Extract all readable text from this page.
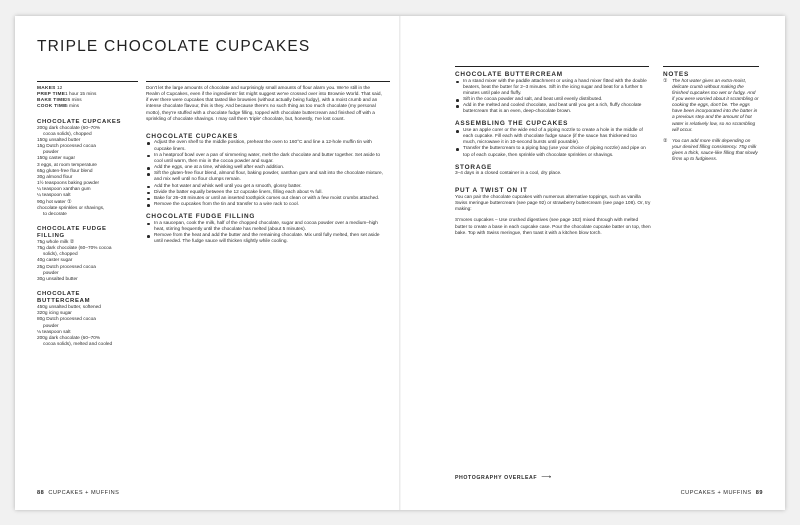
TRIPLE CHOCOLATE CUPCAKES
MAKES 12
PREP TIME1 hour 15 mins
BAKE TIME26 mins
COOK TIME5 mins
CHOCOLATE CUPCAKES
200g dark chocolate (60–70%
cocoa solids), chopped
150g unsalted butter
15g Dutch processed cocoa
powder
150g caster sugar
3 eggs, at room temperature
65g gluten-free flour blend
30g almond flour
1½ teaspoons baking powder
¼ teaspoon xanthan gum
¼ teaspoon salt
90g hot water ①
chocolate sprinkles or shavings,
to decorate
CHOCOLATE FUDGE
FILLING
75g whole milk ②
75g dark chocolate (60–70% cocoa
solids), chopped
40g caster sugar
25g Dutch processed cocoa
powder
30g unsalted butter
CHOCOLATE
BUTTERCREAM
450g unsalted butter, softened
320g icing sugar
80g Dutch processed cocoa
powder
⅛ teaspoon salt
200g dark chocolate (60–70%
cocoa solids), melted and cooled

Don't let the large amounts of chocolate and surprisingly small amounts of flour alarm you. We're still in the Realm of Cupcakes, even if the ingredients' list might suggest we've crossed over into Brownie World. That said, if ever there were cupcakes that tasted like brownies (without actually being fudgy), with a moist crumb and an intense chocolate flavour, this is they. And because there's no such thing as too much chocolate (my personal motto), they're stuffed with a chocolate fudge filling, topped with chocolate buttercream and finished off with a sprinkling of chocolate shavings. I may call them 'triple' chocolate, but, honestly, I've lost count.

CHOCOLATE CUPCAKES
Adjust the oven shelf to the middle position, preheat the oven to 160°C and line a 12-hole muffin tin with cupcake liners.
In a heatproof bowl over a pan of simmering water, melt the dark chocolate and butter together. Set aside to cool until warm, then mix in the cocoa powder and sugar.
Add the eggs, one at a time, whisking well after each addition.
Sift the gluten-free flour blend, almond flour, baking powder, xanthan gum and salt into the chocolate mixture, and mix well until no flour clumps remain.
Add the hot water and whisk well until you get a smooth, glossy batter.
Divide the batter equally between the 12 cupcake liners, filling each about ⅔ full.
Bake for 26–28 minutes or until an inserted toothpick comes out clean or with a few moist crumbs attached.
Remove the cupcakes from the tin and transfer to a wire rack to cool.
CHOCOLATE FUDGE FILLING
In a saucepan, cook the milk, half of the chopped chocolate, sugar and cocoa powder over a medium–high heat, stirring frequently until the chocolate has melted (about 5 minutes).
Remove from the heat and add the butter and the remaining chocolate. Mix until fully melted, then set aside until needed. The fudge sauce will thicken slightly while cooling.
88 CUPCAKES + MUFFINS
CHOCOLATE BUTTERCREAM
In a stand mixer with the paddle attachment or using a hand mixer fitted with the double beaters, beat the butter for 2–3 minutes. Sift in the icing sugar and beat for a further 5 minutes until pale and fluffy.
Sift in the cocoa powder and salt, and beat until evenly distributed.
Add in the melted and cooled chocolate, and beat until you get a rich, fluffy chocolate buttercream that is an even, deep-chocolate brown.
ASSEMBLING THE CUPCAKES
Use an apple corer or the wide end of a piping nozzle to create a hole in the middle of each cupcake. Fill each with chocolate fudge sauce (if the sauce has thickened too much, microwave it in 10-second bursts until pourable).
Transfer the buttercream to a piping bag (use your choice of piping nozzle) and pipe on top of each cupcake, then sprinkle with chocolate sprinkles or shavings.
STORAGE

3–4 days in a closed container in a cool, dry place.

PUT A TWIST ON IT

You can pair the chocolate cupcakes with numerous alternative toppings, such as vanilla Swiss meringue buttercream (see page 92) or strawberry buttercream (see page 108). Or, try making:

S'mores cupcakes – Use crushed digestives (see page 162) mixed through with melted butter to create a base in each cupcake case. Pour the chocolate cupcake batter on top, then bake. Top with Swiss meringue, then toast it with a kitchen blow torch.

NOTES
① The hot water gives an extra-moist, delicate crumb without making the finished cupcakes too wet or fudgy. And if you were worried about it scrambling or cooking the eggs, don't be. The eggs have been incorporated into the batter in a previous step and the amount of hot water is relatively low, so no scrambling will occur.
② You can add more milk depending on your desired filling consistency. 75g milk gives a thick, sauce-like filling that slowly firms up to fudginess.
PHOTOGRAPHY OVERLEAF ⟶
CUPCAKES + MUFFINS 89
